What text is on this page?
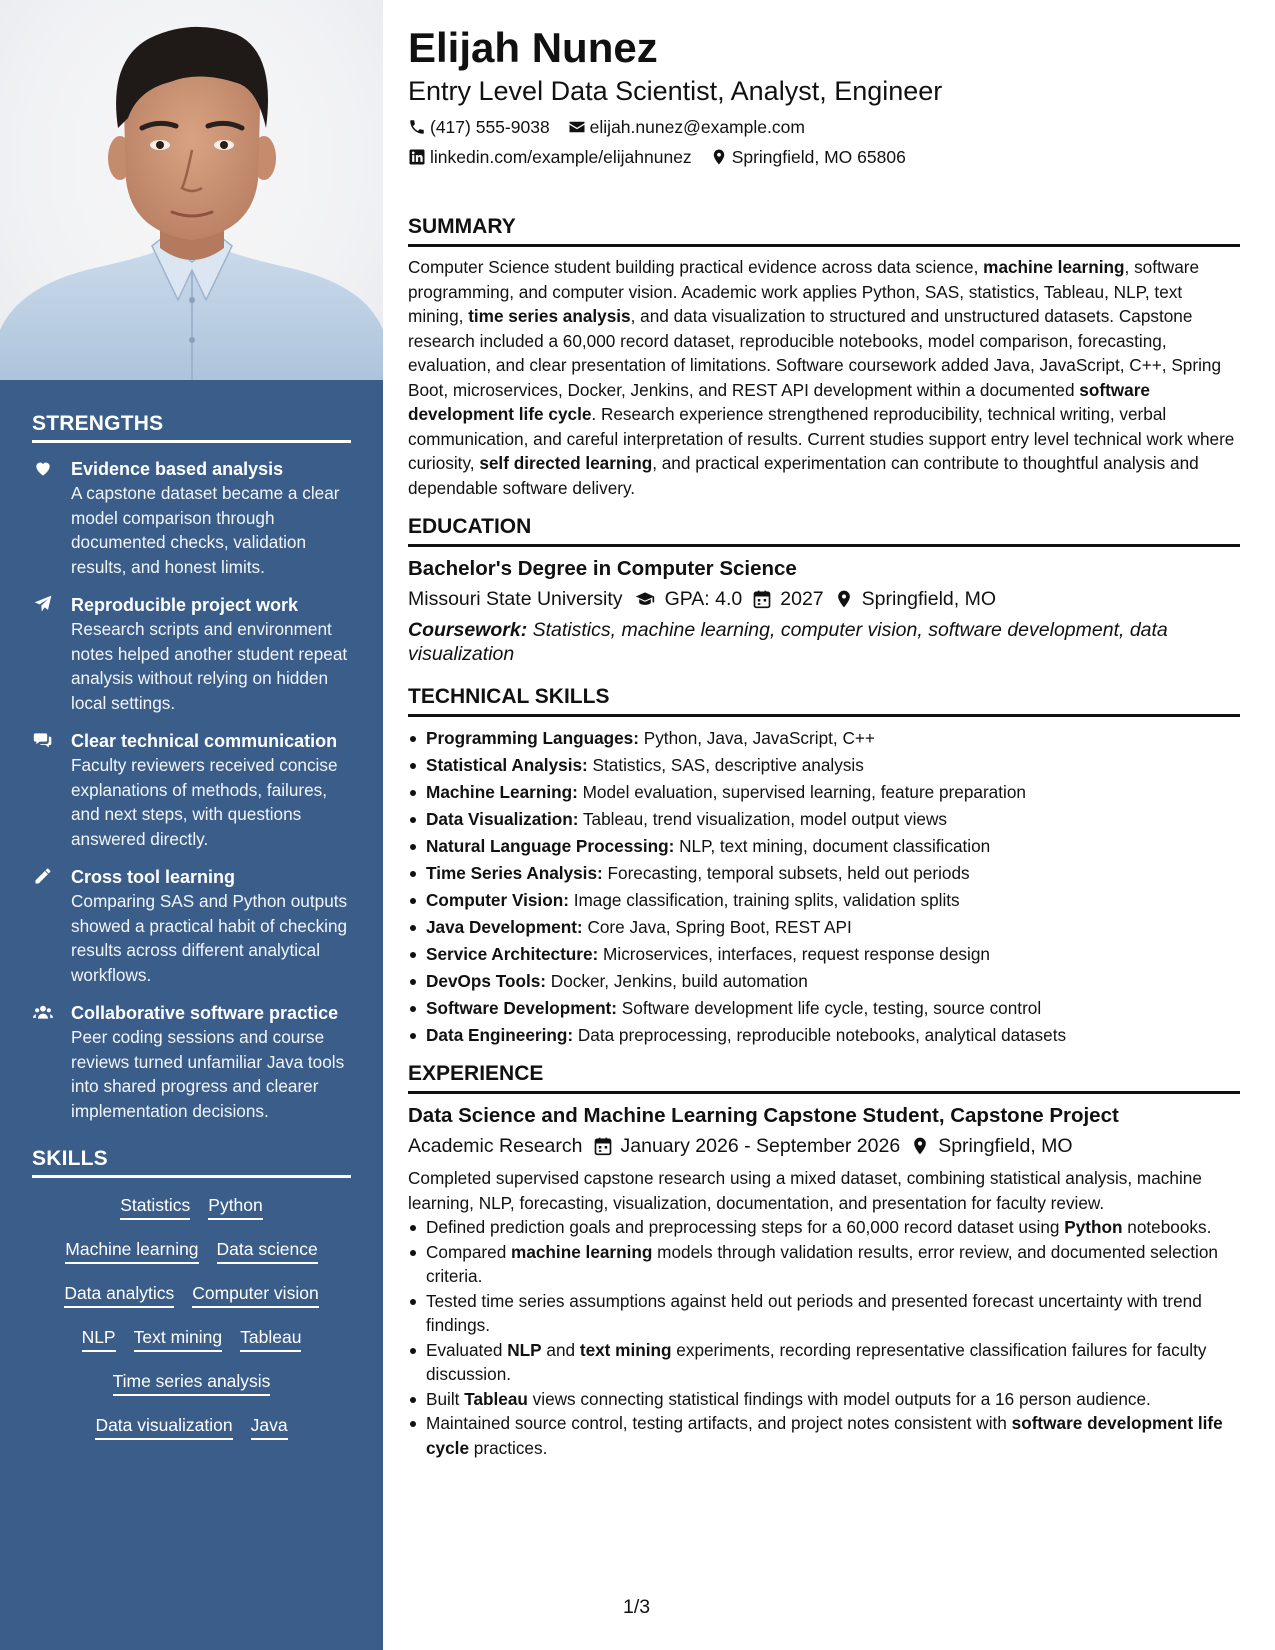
STRENGTHS
Evidence based analysis
A capstone dataset became a clear model comparison through documented checks, validation results, and honest limits.
Reproducible project work
Research scripts and environment notes helped another student repeat analysis without relying on hidden local settings.
Clear technical communication
Faculty reviewers received concise explanations of methods, failures, and next steps, with questions answered directly.
Cross tool learning
Comparing SAS and Python outputs showed a practical habit of checking results across different analytical workflows.
Collaborative software practice
Peer coding sessions and course reviews turned unfamiliar Java tools into shared progress and clearer implementation decisions.
SKILLS
Statistics Python
Machine learning Data science
Data analytics Computer vision
NLP Text mining Tableau
Time series analysis
Data visualization Java
Elijah Nunez
Entry Level Data Scientist, Analyst, Engineer
(417) 555-9038 elijah.nunez@example.com
linkedin.com/example/elijahnunez Springfield, MO 65806
SUMMARY

Computer Science student building practical evidence across data science, machine learning, software programming, and computer vision. Academic work applies Python, SAS, statistics, Tableau, NLP, text mining, time series analysis, and data visualization to structured and unstructured datasets. Capstone research included a 60,000 record dataset, reproducible notebooks, model comparison, forecasting, evaluation, and clear presentation of limitations. Software coursework added Java, JavaScript, C++, Spring Boot, microservices, Docker, Jenkins, and REST API development within a documented software development life cycle. Research experience strengthened reproducibility, technical writing, verbal communication, and careful interpretation of results. Current studies support entry level technical work where curiosity, self directed learning, and practical experimentation can contribute to thoughtful analysis and dependable software delivery.

EDUCATION
Bachelor's Degree in Computer Science
Missouri State University GPA: 4.0 2027 Springfield, MO
Coursework: Statistics, machine learning, computer vision, software development, data visualization
TECHNICAL SKILLS
Programming Languages: Python, Java, JavaScript, C++
Statistical Analysis: Statistics, SAS, descriptive analysis
Machine Learning: Model evaluation, supervised learning, feature preparation
Data Visualization: Tableau, trend visualization, model output views
Natural Language Processing: NLP, text mining, document classification
Time Series Analysis: Forecasting, temporal subsets, held out periods
Computer Vision: Image classification, training splits, validation splits
Java Development: Core Java, Spring Boot, REST API
Service Architecture: Microservices, interfaces, request response design
DevOps Tools: Docker, Jenkins, build automation
Software Development: Software development life cycle, testing, source control
Data Engineering: Data preprocessing, reproducible notebooks, analytical datasets
EXPERIENCE
Data Science and Machine Learning Capstone Student, Capstone Project
Academic Research January 2026 - September 2026 Springfield, MO

Completed supervised capstone research using a mixed dataset, combining statistical analysis, machine learning, NLP, forecasting, visualization, documentation, and presentation for faculty review.

Defined prediction goals and preprocessing steps for a 60,000 record dataset using Python notebooks.
Compared machine learning models through validation results, error review, and documented selection criteria.
Tested time series assumptions against held out periods and presented forecast uncertainty with trend findings.
Evaluated NLP and text mining experiments, recording representative classification failures for faculty discussion.
Built Tableau views connecting statistical findings with model outputs for a 16 person audience.
Maintained source control, testing artifacts, and project notes consistent with software development life cycle practices.
1/3
